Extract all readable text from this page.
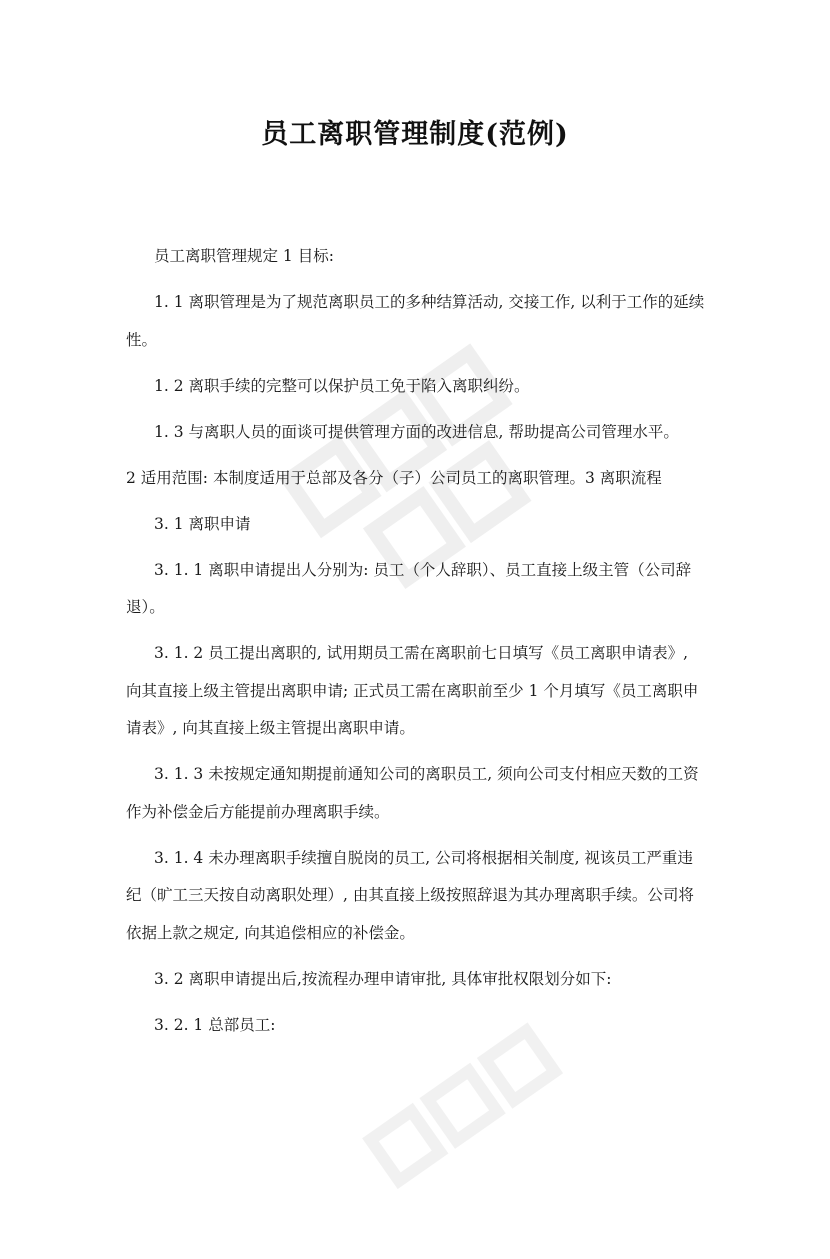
员工离职管理制度(范例)

员工离职管理规定 1 目标:

1. 1 离职管理是为了规范离职员工的多种结算活动, 交接工作, 以利于工作的延续性。

1. 2 离职手续的完整可以保护员工免于陷入离职纠纷。

1. 3 与离职人员的面谈可提供管理方面的改进信息, 帮助提高公司管理水平。

2 适用范围: 本制度适用于总部及各分（子）公司员工的离职管理。3 离职流程

3. 1 离职申请

3. 1. 1 离职申请提出人分别为: 员工（个人辞职）、员工直接上级主管（公司辞退）。

3. 1. 2 员工提出离职的, 试用期员工需在离职前七日填写《员工离职申请表》, 向其直接上级主管提出离职申请; 正式员工需在离职前至少 1 个月填写《员工离职申请表》, 向其直接上级主管提出离职申请。

3. 1. 3 未按规定通知期提前通知公司的离职员工, 须向公司支付相应天数的工资作为补偿金后方能提前办理离职手续。

3. 1. 4 未办理离职手续擅自脱岗的员工, 公司将根据相关制度, 视该员工严重违纪（旷工三天按自动离职处理）, 由其直接上级按照辞退为其办理离职手续。公司将依据上款之规定, 向其追偿相应的补偿金。

3. 2 离职申请提出后,按流程办理申请审批, 具体审批权限划分如下:

3. 2. 1 总部员工:
